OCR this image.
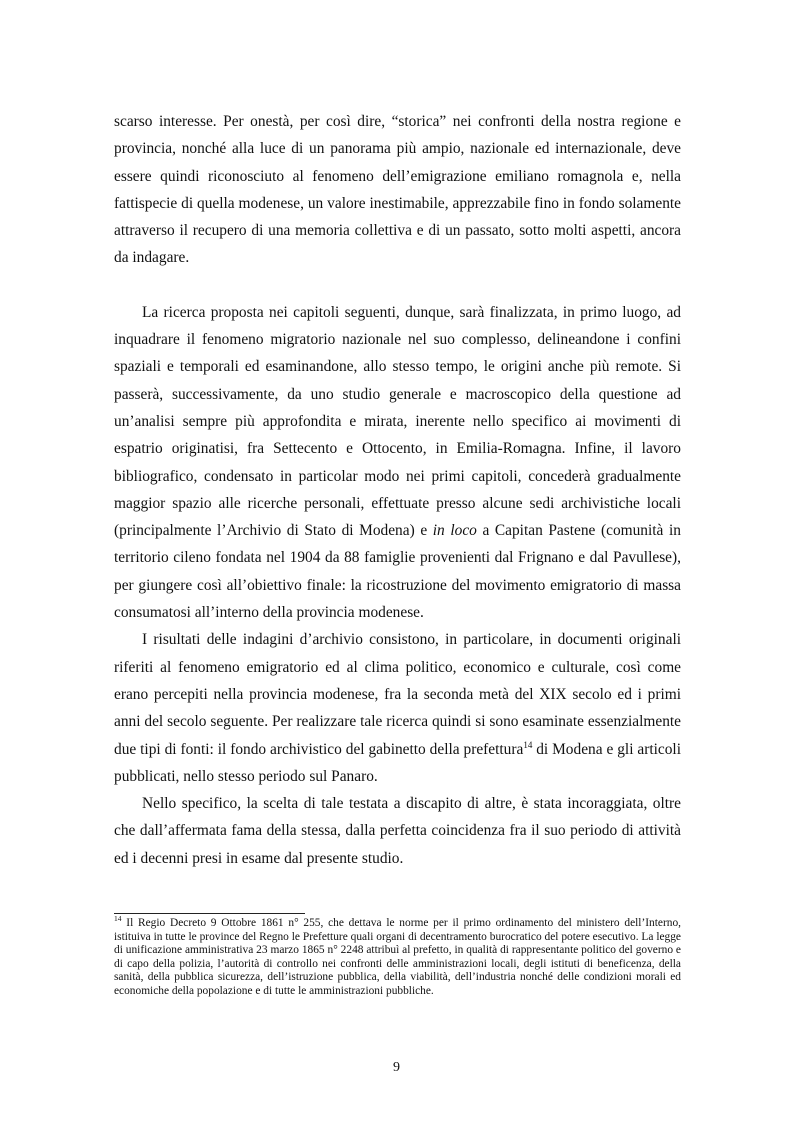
scarso interesse. Per onestà, per così dire, “storica” nei confronti della nostra regione e provincia, nonché alla luce di un panorama più ampio, nazionale ed internazionale, deve essere quindi riconosciuto al fenomeno dell’emigrazione emiliano romagnola e, nella fattispecie di quella modenese, un valore inestimabile, apprezzabile fino in fondo solamente attraverso il recupero di una memoria collettiva e di un passato, sotto molti aspetti, ancora da indagare.

La ricerca proposta nei capitoli seguenti, dunque, sarà finalizzata, in primo luogo, ad inquadrare il fenomeno migratorio nazionale nel suo complesso, delineandone i confini spaziali e temporali ed esaminandone, allo stesso tempo, le origini anche più remote. Si passerà, successivamente, da uno studio generale e macroscopico della questione ad un’analisi sempre più approfondita e mirata, inerente nello specifico ai movimenti di espatrio originatisi, fra Settecento e Ottocento, in Emilia-Romagna. Infine, il lavoro bibliografico, condensato in particolar modo nei primi capitoli, concederà gradualmente maggior spazio alle ricerche personali, effettuate presso alcune sedi archivistiche locali (principalmente l’Archivio di Stato di Modena) e in loco a Capitan Pastene (comunità in territorio cileno fondata nel 1904 da 88 famiglie provenienti dal Frignano e dal Pavullese), per giungere così all’obiettivo finale: la ricostruzione del movimento emigratorio di massa consumatosi all’interno della provincia modenese.

I risultati delle indagini d’archivio consistono, in particolare, in documenti originali riferiti al fenomeno emigratorio ed al clima politico, economico e culturale, così come erano percepiti nella provincia modenese, fra la seconda metà del XIX secolo ed i primi anni del secolo seguente. Per realizzare tale ricerca quindi si sono esaminate essenzialmente due tipi di fonti: il fondo archivistico del gabinetto della prefettura$^{14}$ di Modena e gli articoli pubblicati, nello stesso periodo sul Panaro.

Nello specifico, la scelta di tale testata a discapito di altre, è stata incoraggiata, oltre che dall’affermata fama della stessa, dalla perfetta coincidenza fra il suo periodo di attività ed i decenni presi in esame dal presente studio.

$^{14}$ Il Regio Decreto 9 Ottobre 1861 n° 255, che dettava le norme per il primo ordinamento del ministero dell’Interno, istituiva in tutte le province del Regno le Prefetture quali organi di decentramento burocratico del potere esecutivo. La legge di unificazione amministrativa 23 marzo 1865 n° 2248 attribuì al prefetto, in qualità di rappresentante politico del governo e di capo della polizia, l’autorità di controllo nei confronti delle amministrazioni locali, degli istituti di beneficenza, della sanità, della pubblica sicurezza, dell’istruzione pubblica, della viabilità, dell’industria nonché delle condizioni morali ed economiche della popolazione e di tutte le amministrazioni pubbliche.

9
